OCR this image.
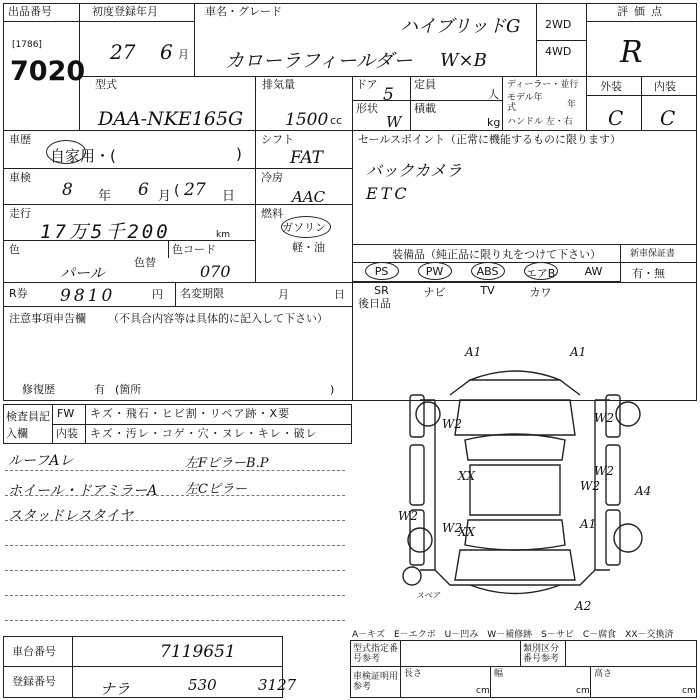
出品番号
[1786]
7020
初度登録年月
27 6 月
車名・グレード
ハイブリッドG
カローラフィールダー W×B
2WD
4WD
評価点
R
型式
DAA-NKE165G
排気量
1500 cc
ドア
5
定員
人
形状
W
積載
kg
ディーラー・並行
モデル年式	年
ハンドル 左・右
外装	内装
C C
車歴
自家用・(	)
車検
8 年 6 月 ( 27 日
走行
17万5千200	km
色
パール
色替
色コード
070
シフト
FAT
冷房
AAC
燃料
ガソリン
軽・油
セールスポイント（正常に機能するものに限ります）
バックカメラ
ETC
装備品（純正品に限り丸をつけて下さい）	新車保証書
有・無
PS	PW	ABS	エアB	AW
SR	ナビ	TV	カワ
R券 9810	円 名変期限	月	日
後日品
注意事項申告欄 （不具合内容等は具体的に記入して下さい）
修復歴	有 (箇所	)
検査員記入欄
FW キズ・飛石・ヒビ割・リペア跡・X要
内装 キズ・汚レ・コゲ・穴・ヌレ・キレ・破レ
ルーフAレ
ホイール・ドアミラーA
スタッドレスタイヤ
左FピラーB.P
左Cピラー
A1	A1
W2	W2
W2
W2
XX
XX
W2	A4
A1
W2
A2
スペア
A－キズ　E－エクボ　U－凹み　W－補修跡　S－サビ　C－腐食　XX－交換済
車台番号	7119651
登録番号	ナラ	530	3127
型式指定番号参考
類別区分番号参考
車検証明用参考
長さ	幅	高さ
cm	cm	cm
